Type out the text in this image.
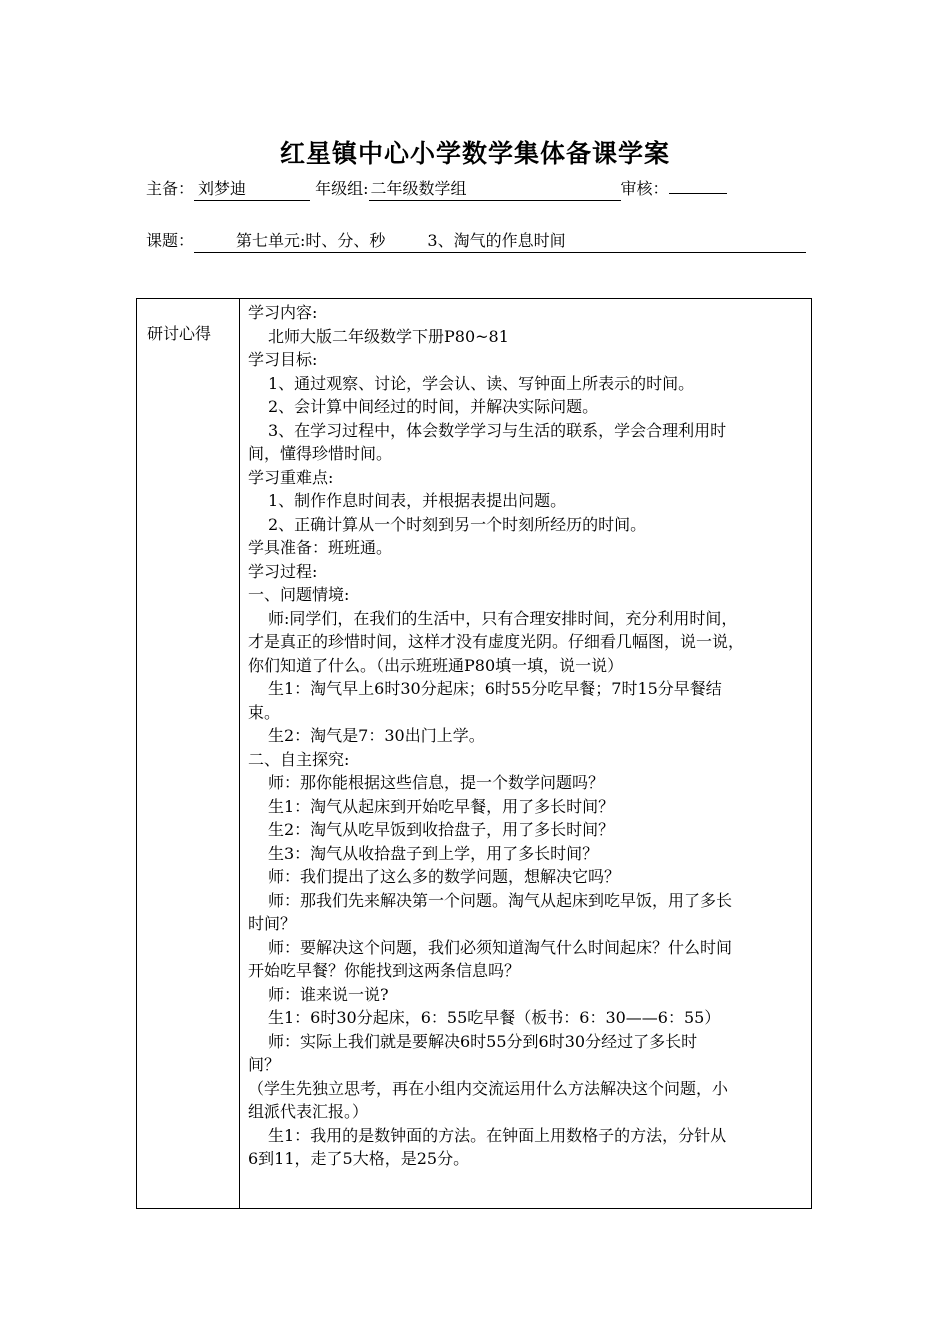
红星镇中心小学数学集体备课学案
主备： 刘梦迪	年级组: 二年级数学组	审核：
课题：	第七单元:时、分、秒	3、淘气的作息时间
研讨心得	
学习内容:
北师大版二年级数学下册P80~81
学习目标:
1、通过观察、讨论，学会认、读、写钟面上所表示的时间。
2、会计算中间经过的时间，并解决实际问题。
3、在学习过程中，体会数学学习与生活的联系，学会合理利用时
间，懂得珍惜时间。
学习重难点:
1、制作作息时间表，并根据表提出问题。
2、正确计算从一个时刻到另一个时刻所经历的时间。
学具准备：班班通。
学习过程:
一、问题情境:
师:同学们，在我们的生活中，只有合理安排时间，充分利用时间，
才是真正的珍惜时间，这样才没有虚度光阴。仔细看几幅图，说一说，
你们知道了什么。（出示班班通P80填一填，说一说）
生1：淘气早上6时30分起床；6时55分吃早餐；7时15分早餐结
束。
生2：淘气是7：30出门上学。
二、自主探究:
师：那你能根据这些信息，提一个数学问题吗？
生1：淘气从起床到开始吃早餐，用了多长时间？
生2：淘气从吃早饭到收拾盘子，用了多长时间？
生3：淘气从收拾盘子到上学，用了多长时间？
师：我们提出了这么多的数学问题，想解决它吗？
师：那我们先来解决第一个问题。淘气从起床到吃早饭，用了多长
时间？
师：要解决这个问题，我们必须知道淘气什么时间起床？什么时间
开始吃早餐？你能找到这两条信息吗？
师：谁来说一说?
生1：6时30分起床，6：55吃早餐（板书：6：30——6：55）
师：实际上我们就是要解决6时55分到6时30分经过了多长时
间？
（学生先独立思考，再在小组内交流运用什么方法解决这个问题，小
组派代表汇报。）
生1：我用的是数钟面的方法。在钟面上用数格子的方法，分针从
6到11，走了5大格，是25分。
